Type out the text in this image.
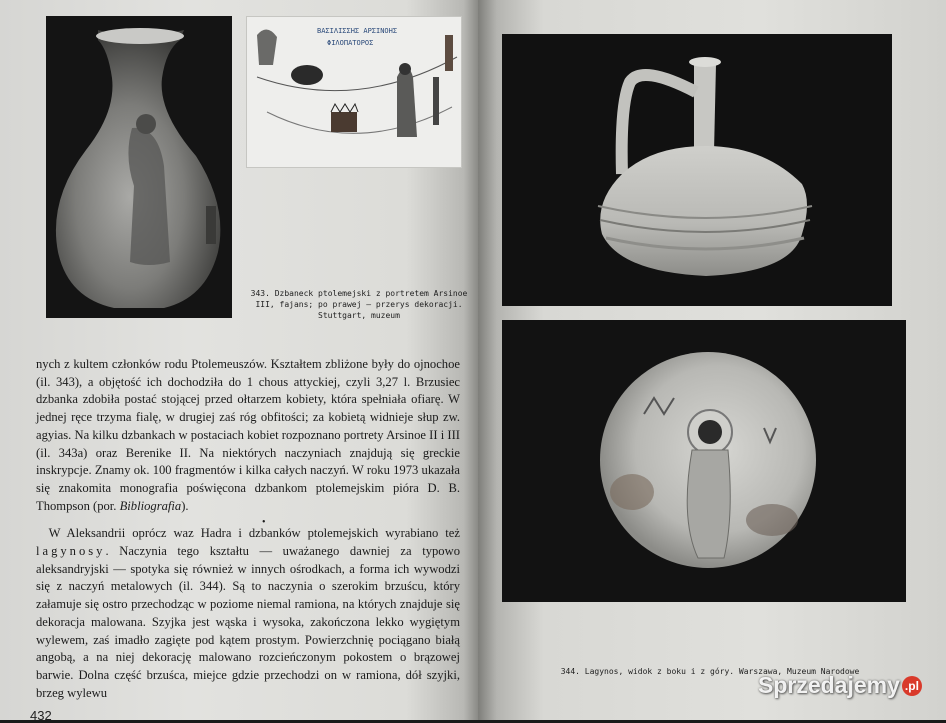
ΒΑΣΙΛΙΣΣΗΣ ΑΡΣΙΝΟΗΣ
ΦΙΛΟΠΑΤΟΡΟΣ
343. Dzbaneck ptolemejski z portretem Arsinoe III, fajans; po prawej — przerys dekoracji. Stuttgart, muzeum

nych z kultem członków rodu Ptolemeuszów. Kształtem zbliżone były do ojnochoe (il. 343), a objętość ich dochodziła do 1 chous attyckiej, czyli 3,27 l. Brzusiec dzbanka zdobiła postać stojącej przed ołtarzem kobiety, która spełniała ofiarę. W jednej ręce trzyma fialę, w drugiej zaś róg obfitości; za kobietą widnieje słup zw. agyias. Na kilku dzbankach w postaciach kobiet rozpoznano portrety Arsinoe II i III (il. 343a) oraz Berenike II. Na niektórych naczyniach znajdują się greckie inskrypcje. Znamy ok. 100 fragmentów i kilka całych naczyń. W roku 1973 ukazała się znakomita monografia poświęcona dzbankom ptolemejskim pióra D. B. Thompson (por. Bibliografia).

•

 W Aleksandrii oprócz waz Hadra i dzbanków ptolemejskich wyrabiano też lagynosy. Naczynia tego kształtu — uważanego dawniej za typowo aleksandryjski — spotyka się również w innych ośrodkach, a forma ich wywodzi się z naczyń metalowych (il. 344). Są to naczynia o szerokim brzuścu, który załamuje się ostro przechodząc w poziome niemal ramiona, na których znajduje się dekoracja malowana. Szyjka jest wąska i wysoka, zakończona lekko wygiętym wylewem, zaś imadło zagięte pod kątem prostym. Powierzchnię pociągano białą angobą, a na niej dekorację malowano rozcieńczonym pokostem o brązowej barwie. Dolna część brzuśca, miejce gdzie przechodzi on w ramiona, dół szyjki, brzeg wylewu

432
344. Lagynos, widok z boku i z góry. Warszawa, Muzeum Narodowe
Sprzedajemy .pl
